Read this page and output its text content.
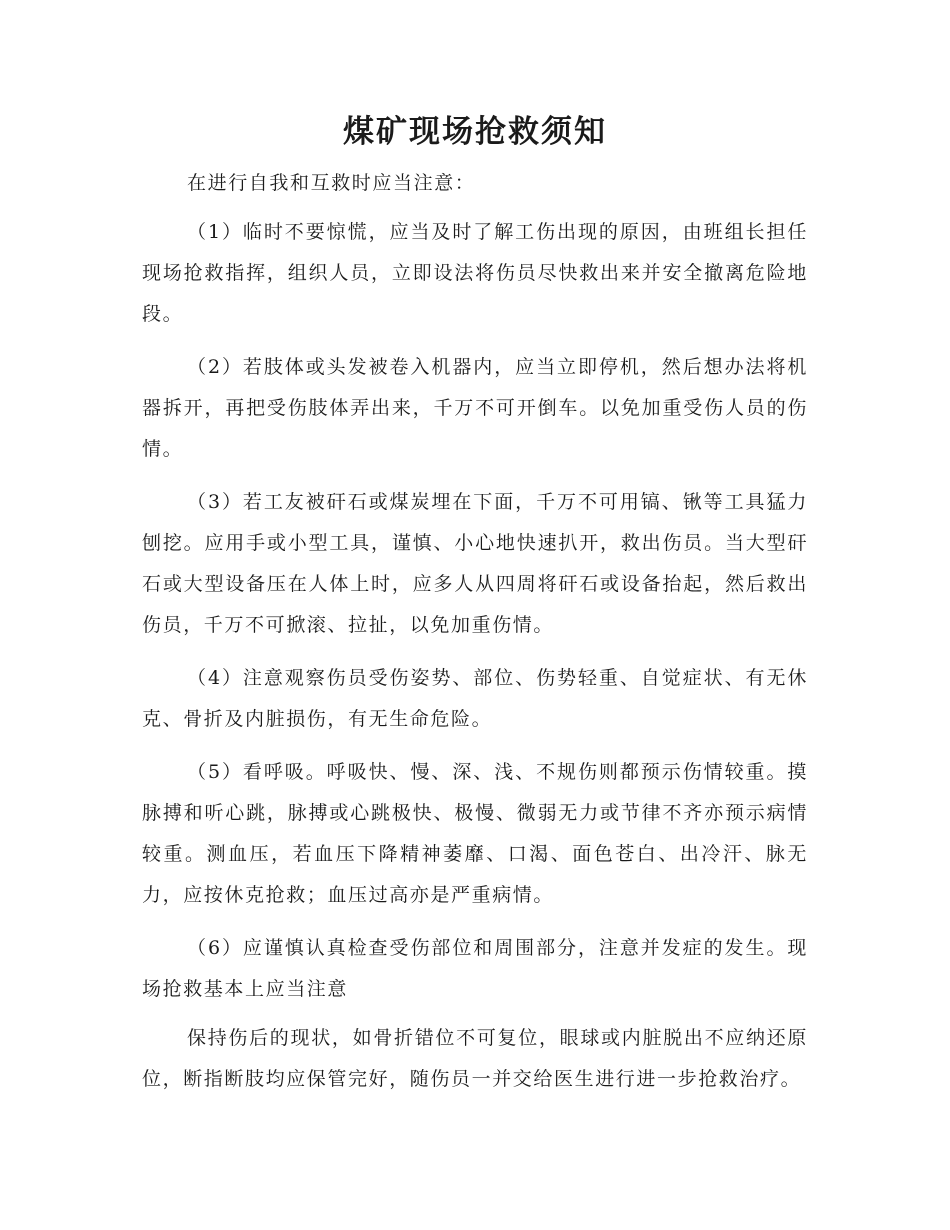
煤矿现场抢救须知

在进行自我和互救时应当注意：

（1）临时不要惊慌，应当及时了解工伤出现的原因，由班组长担任现场抢救指挥，组织人员，立即设法将伤员尽快救出来并安全撤离危险地段。

（2）若肢体或头发被卷入机器内，应当立即停机，然后想办法将机器拆开，再把受伤肢体弄出来，千万不可开倒车。以免加重受伤人员的伤情。

（3）若工友被矸石或煤炭埋在下面，千万不可用镐、锹等工具猛力刨挖。应用手或小型工具，谨慎、小心地快速扒开，救出伤员。当大型矸石或大型设备压在人体上时，应多人从四周将矸石或设备抬起，然后救出伤员，千万不可掀滚、拉扯，以免加重伤情。

（4）注意观察伤员受伤姿势、部位、伤势轻重、自觉症状、有无休克、骨折及内脏损伤，有无生命危险。

（5）看呼吸。呼吸快、慢、深、浅、不规伤则都预示伤情较重。摸脉搏和听心跳，脉搏或心跳极快、极慢、微弱无力或节律不齐亦预示病情较重。测血压，若血压下降精神萎靡、口渴、面色苍白、出冷汗、脉无力，应按休克抢救；血压过高亦是严重病情。

（6）应谨慎认真检查受伤部位和周围部分，注意并发症的发生。现场抢救基本上应当注意

保持伤后的现状，如骨折错位不可复位，眼球或内脏脱出不应纳还原位，断指断肢均应保管完好，随伤员一并交给医生进行进一步抢救治疗。
